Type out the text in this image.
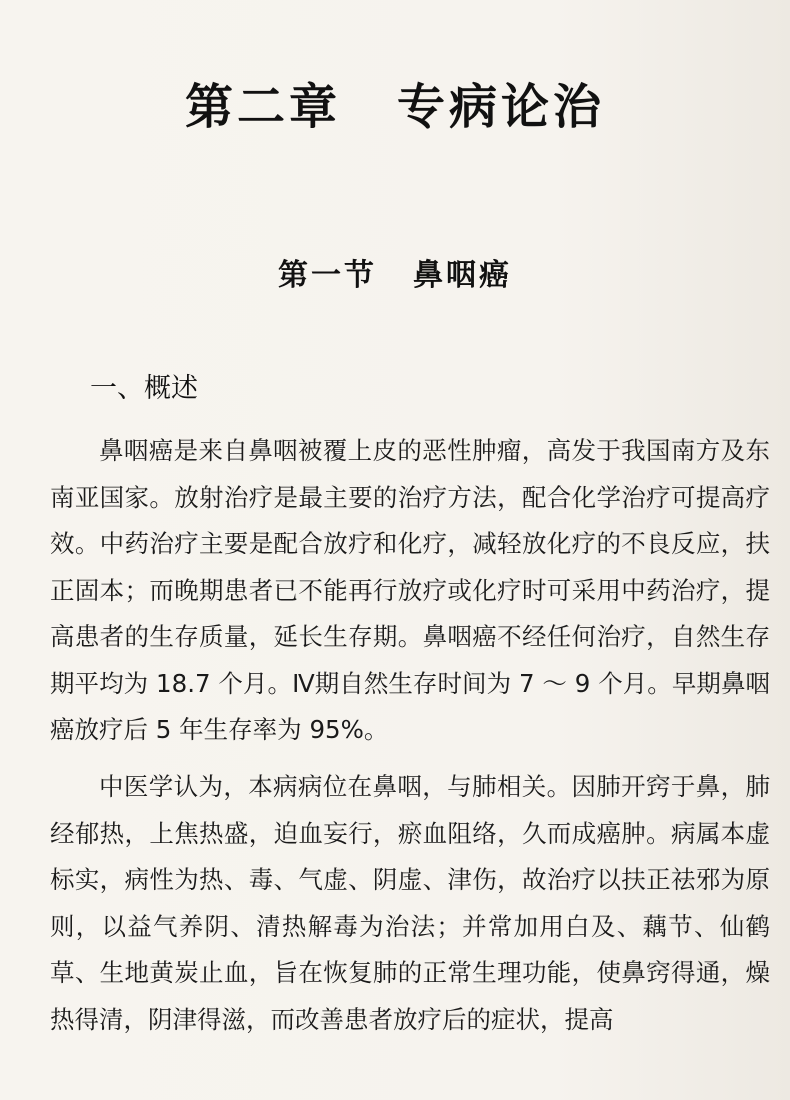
第二章 专病论治
第一节 鼻咽癌
一、概述

鼻咽癌是来自鼻咽被覆上皮的恶性肿瘤，高发于我国南方及东南亚国家。放射治疗是最主要的治疗方法，配合化学治疗可提高疗效。中药治疗主要是配合放疗和化疗，减轻放化疗的不良反应，扶正固本；而晚期患者已不能再行放疗或化疗时可采用中药治疗，提高患者的生存质量，延长生存期。鼻咽癌不经任何治疗，自然生存期平均为 18.7 个月。Ⅳ期自然生存时间为 7 ～ 9 个月。早期鼻咽癌放疗后 5 年生存率为 95%。

中医学认为，本病病位在鼻咽，与肺相关。因肺开窍于鼻，肺经郁热，上焦热盛，迫血妄行，瘀血阻络，久而成癌肿。病属本虚标实，病性为热、毒、气虚、阴虚、津伤，故治疗以扶正祛邪为原则，以益气养阴、清热解毒为治法；并常加用白及、藕节、仙鹤草、生地黄炭止血，旨在恢复肺的正常生理功能，使鼻窍得通，燥热得清，阴津得滋，而改善患者放疗后的症状，提高
